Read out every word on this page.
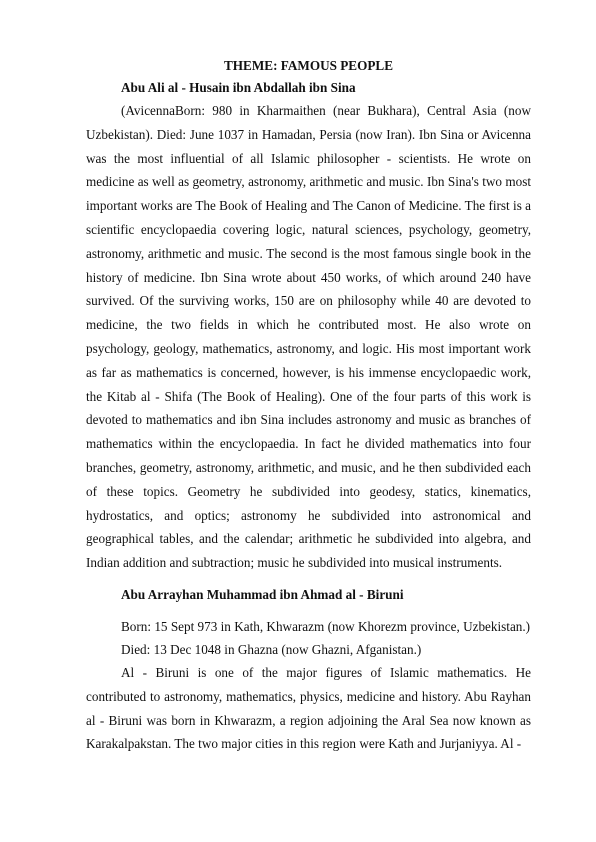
THEME: FAMOUS PEOPLE
Abu Ali al - Husain ibn Abdallah ibn Sina

(AvicennaBorn: 980 in Kharmaithen (near Bukhara), Central Asia (now Uzbekistan). Died: June 1037 in Hamadan, Persia (now Iran). Ibn Sina or Avicenna was the most influential of all Islamic philosopher - scientists. He wrote on medicine as well as geometry, astronomy, arithmetic and music. Ibn Sina's two most important works are The Book of Healing and The Canon of Medicine. The first is a scientific encyclopaedia covering logic, natural sciences, psychology, geometry, astronomy, arithmetic and music. The second is the most famous single book in the history of medicine. Ibn Sina wrote about 450 works, of which around 240 have survived. Of the surviving works, 150 are on philosophy while 40 are devoted to medicine, the two fields in which he contributed most. He also wrote on psychology, geology, mathematics, astronomy, and logic. His most important work as far as mathematics is concerned, however, is his immense encyclopaedic work, the Kitab al - Shifa (The Book of Healing). One of the four parts of this work is devoted to mathematics and ibn Sina includes astronomy and music as branches of mathematics within the encyclopaedia. In fact he divided mathematics into four branches, geometry, astronomy, arithmetic, and music, and he then subdivided each of these topics. Geometry he subdivided into geodesy, statics, kinematics, hydrostatics, and optics; astronomy he subdivided into astronomical and geographical tables, and the calendar; arithmetic he subdivided into algebra, and Indian addition and subtraction; music he subdivided into musical instruments.

Abu Arrayhan Muhammad ibn Ahmad al - Biruni

Born: 15 Sept 973 in Kath, Khwarazm (now Khorezm province, Uzbekistan.)

Died: 13 Dec 1048 in Ghazna (now Ghazni, Afganistan.)

Al - Biruni is one of the major figures of Islamic mathematics. He contributed to astronomy, mathematics, physics, medicine and history. Abu Rayhan al - Biruni was born in Khwarazm, a region adjoining the Aral Sea now known as Karakalpakstan. The two major cities in this region were Kath and Jurjaniyya. Al -
